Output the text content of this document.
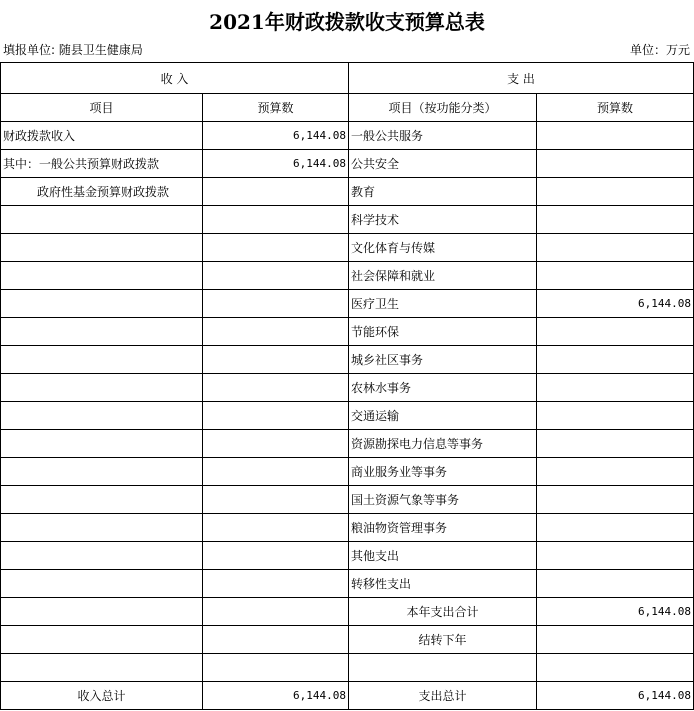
2021年财政拨款收支预算总表
填报单位: 随县卫生健康局	单位：万元
收 入		支 出	
项目	预算数	项目（按功能分类）	预算数
财政拨款收入	6,144.08	一般公共服务	
其中：一般公共预算财政拨款	6,144.08	公共安全	
政府性基金预算财政拨款		教育	
		科学技术	
		文化体育与传媒	
		社会保障和就业	
		医疗卫生	6,144.08
		节能环保	
		城乡社区事务	
		农林水事务	
		交通运输	
		资源勘探电力信息等事务	
		商业服务业等事务	
		国土资源气象等事务	
		粮油物资管理事务	
		其他支出	
		转移性支出	
		本年支出合计	6,144.08
		结转下年	

收入总计	6,144.08	支出总计	6,144.08
